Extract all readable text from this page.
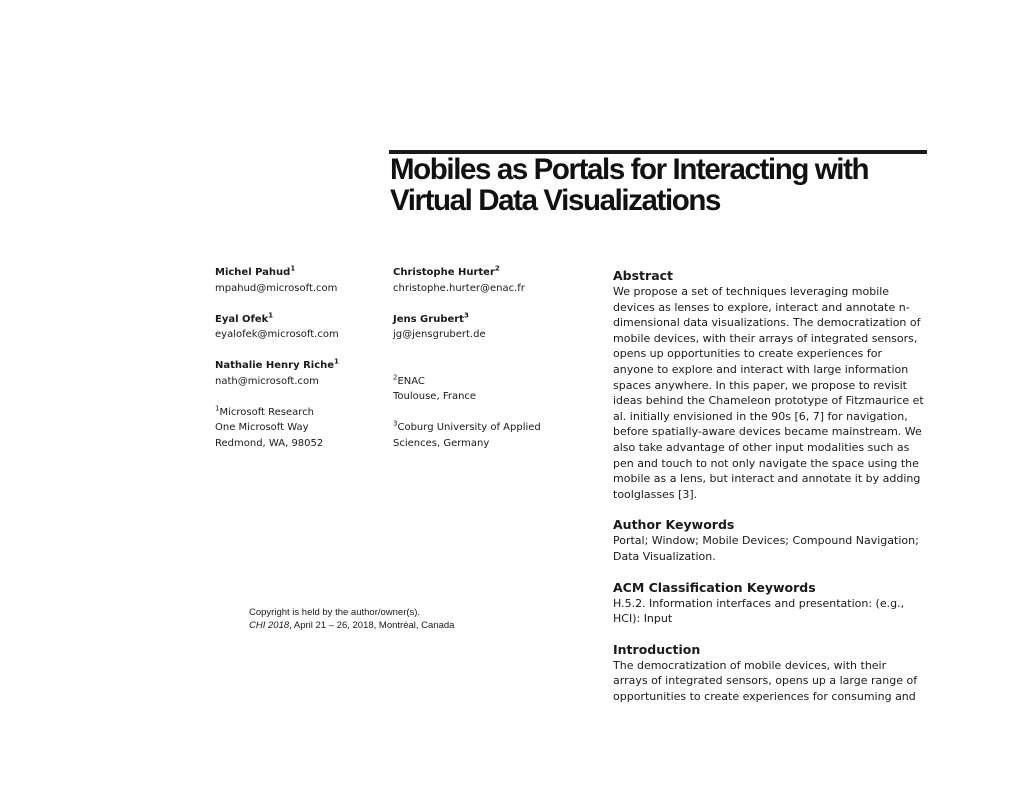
Mobiles as Portals for Interacting with
Virtual Data Visualizations
Michel Pahud$^1$
mpahud@microsoft.com
Eyal Ofek$^1$
eyalofek@microsoft.com
Nathalie Henry Riche$^1$
nath@microsoft.com
$^1$Microsoft Research
One Microsoft Way
Redmond, WA, 98052
Christophe Hurter$^2$
christophe.hurter@enac.fr
Jens Grubert$^3$
jg@jensgrubert.de
$^2$ENAC
Toulouse, France
$^3$Coburg University of Applied
Sciences, Germany
Copyright is held by the author/owner(s).
CHI 2018, April 21 – 26, 2018, Montréal, Canada

Abstract

We propose a set of techniques leveraging mobile
devices as lenses to explore, interact and annotate n-
dimensional data visualizations. The democratization of
mobile devices, with their arrays of integrated sensors,
opens up opportunities to create experiences for
anyone to explore and interact with large information
spaces anywhere. In this paper, we propose to revisit
ideas behind the Chameleon prototype of Fitzmaurice et
al. initially envisioned in the 90s [6, 7] for navigation,
before spatially-aware devices became mainstream. We
also take advantage of other input modalities such as
pen and touch to not only navigate the space using the
mobile as a lens, but interact and annotate it by adding
toolglasses [3].

Author Keywords

Portal; Window; Mobile Devices; Compound Navigation;
Data Visualization.

ACM Classification Keywords

H.5.2. Information interfaces and presentation: (e.g.,
HCI): Input

Introduction

The democratization of mobile devices, with their
arrays of integrated sensors, opens up a large range of
opportunities to create experiences for consuming and
